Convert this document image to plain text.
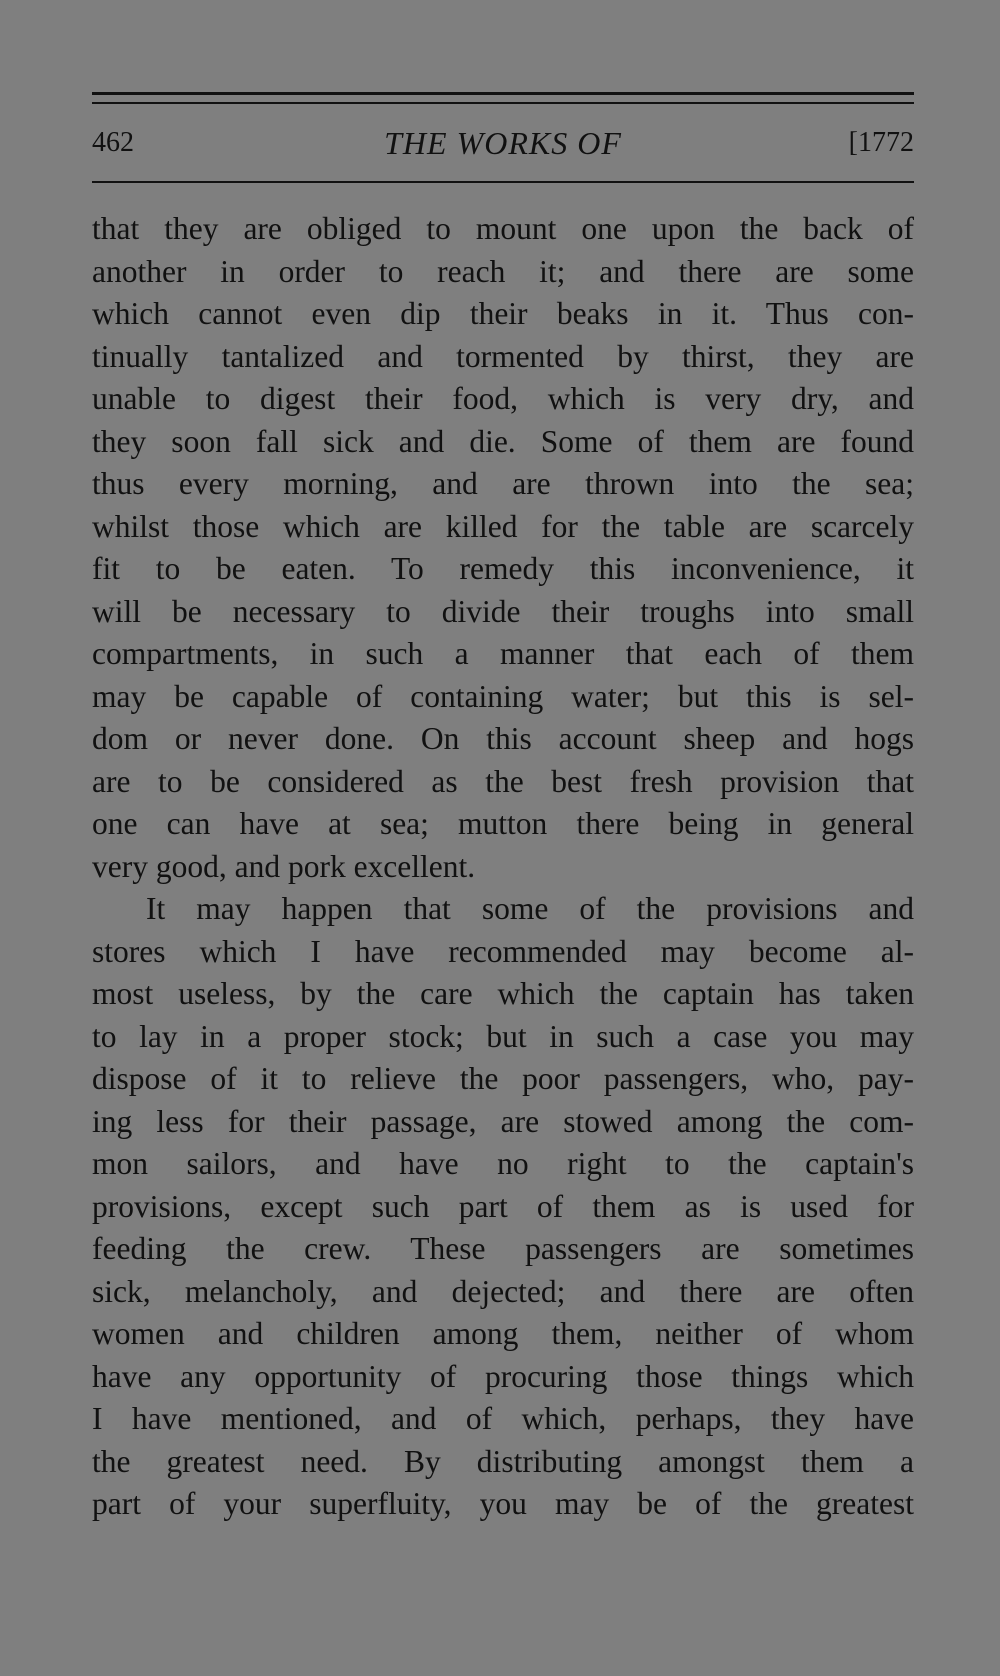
462	THE WORKS OF	[1772
that they are obliged to mount one upon the back of
another in order to reach it; and there are some
which cannot even dip their beaks in it. Thus con-
tinually tantalized and tormented by thirst, they are
unable to digest their food, which is very dry, and
they soon fall sick and die. Some of them are found
thus every morning, and are thrown into the sea;
whilst those which are killed for the table are scarcely
fit to be eaten. To remedy this inconvenience, it
will be necessary to divide their troughs into small
compartments, in such a manner that each of them
may be capable of containing water; but this is sel-
dom or never done. On this account sheep and hogs
are to be considered as the best fresh provision that
one can have at sea; mutton there being in general
very good, and pork excellent.
It may happen that some of the provisions and
stores which I have recommended may become al-
most useless, by the care which the captain has taken
to lay in a proper stock; but in such a case you may
dispose of it to relieve the poor passengers, who, pay-
ing less for their passage, are stowed among the com-
mon sailors, and have no right to the captain's
provisions, except such part of them as is used for
feeding the crew. These passengers are sometimes
sick, melancholy, and dejected; and there are often
women and children among them, neither of whom
have any opportunity of procuring those things which
I have mentioned, and of which, perhaps, they have
the greatest need. By distributing amongst them a
part of your superfluity, you may be of the greatest
